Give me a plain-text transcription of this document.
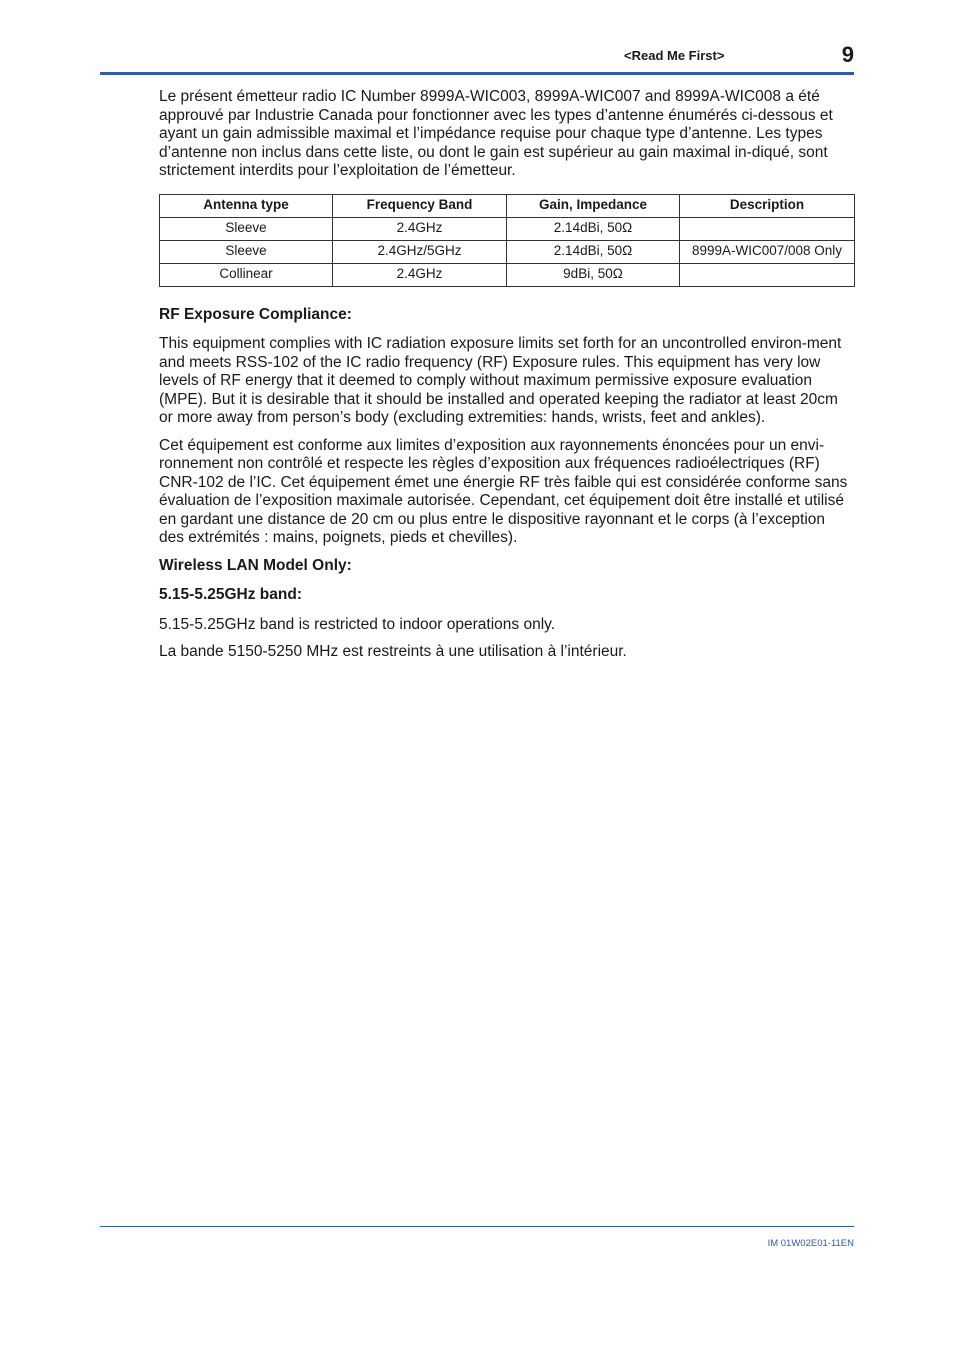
<Read Me First>	9

Le présent émetteur radio IC Number 8999A-WIC003, 8999A-WIC007 and 8999A-WIC008 a été approuvé par Industrie Canada pour fonctionner avec les types d’antenne énumérés ci-dessous et ayant un gain admissible maximal et l’impédance requise pour chaque type d’antenne. Les types d’antenne non inclus dans cette liste, ou dont le gain est supérieur au gain maximal in-diqué, sont strictement interdits pour l’exploitation de l’émetteur.

Antenna type	Frequency Band	Gain, Impedance	Description
Sleeve	2.4GHz	2.14dBi, 50Ω	
Sleeve	2.4GHz/5GHz	2.14dBi, 50Ω	8999A-WIC007/008 Only
Collinear	2.4GHz	9dBi, 50Ω	

RF Exposure Compliance:

This equipment complies with IC radiation exposure limits set forth for an uncontrolled environ-ment and meets RSS-102 of the IC radio frequency (RF) Exposure rules. This equipment has very low levels of RF energy that it deemed to comply without maximum permissive exposure evaluation (MPE). But it is desirable that it should be installed and operated keeping the radiator at least 20cm or more away from person’s body (excluding extremities: hands, wrists, feet and ankles).

Cet équipement est conforme aux limites d’exposition aux rayonnements énoncées pour un envi-ronnement non contrôlé et respecte les règles d’exposition aux fréquences radioélectriques (RF) CNR-102 de l’IC. Cet équipement émet une énergie RF très faible qui est considérée conforme sans évaluation de l’exposition maximale autorisée. Cependant, cet équipement doit être installé et utilisé en gardant une distance de 20 cm ou plus entre le dispositive rayonnant et le corps (à l’exception des extrémités : mains, poignets, pieds et chevilles).

Wireless LAN Model Only:

5.15-5.25GHz band:

5.15-5.25GHz band is restricted to indoor operations only.

La bande 5150-5250 MHz est restreints à une utilisation à l’intérieur.

IM 01W02E01-11EN
